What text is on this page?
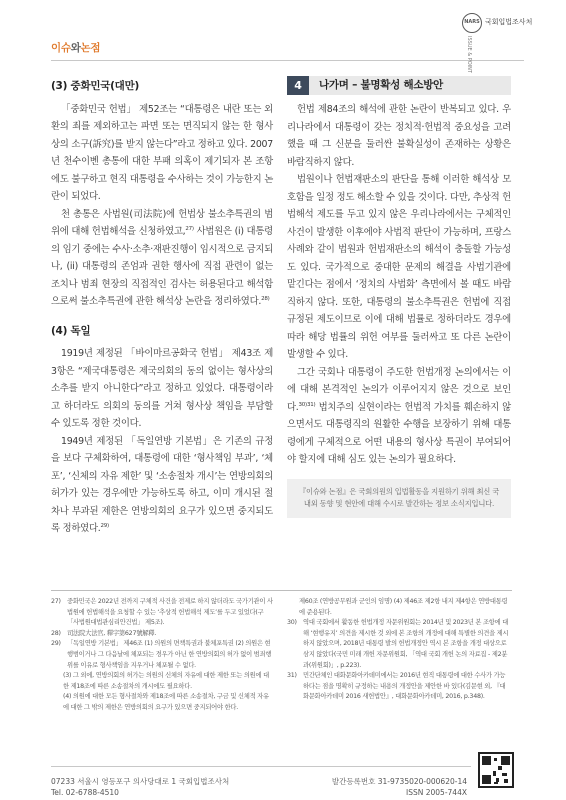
이슈와논점
NARS 국회입법조사처
ISSUE & POINT
(3) 중화민국(대만)

「중화민국 헌법」 제52조는 “대통령은 내란 또는 외환의 죄를 제외하고는 파면 또는 면직되지 않는 한 형사상의 소구(訴究)를 받지 않는다”라고 정하고 있다. 2007년 천수이볜 총통에 대한 부패 의혹이 제기되자 본 조항에도 불구하고 현직 대통령을 수사하는 것이 가능한지 논란이 되었다.

천 총통은 사법원(司法院)에 헌법상 불소추특권의 범위에 대해 헌법해석을 신청하였고,$^{27)}$ 사법원은 (i) 대통령의 임기 중에는 수사·소추·재판진행이 임시적으로 금지되나, (ii) 대통령의 존엄과 권한 행사에 직접 관련이 없는 조치나 범죄 현장의 직접적인 검사는 허용된다고 해석함으로써 불소추특권에 관한 해석상 논란을 정리하였다.$^{28)}$

(4) 독일

1919년 제정된 「바이마르공화국 헌법」 제43조 제3항은 “제국대통령은 제국의회의 동의 없이는 형사상의 소추를 받지 아니한다”라고 정하고 있었다. 대통령이라고 하더라도 의회의 동의를 거쳐 형사상 책임을 부담할 수 있도록 정한 것이다.

1949년 제정된 「독일연방 기본법」은 기존의 규정을 보다 구체화하여, 대통령에 대한 ‘형사책임 부과’, ‘체포’, ‘신체의 자유 제한’ 및 ‘소송절차 개시’는 연방의회의 허가가 있는 경우에만 가능하도록 하고, 이미 개시된 절차나 부과된 제한은 연방의회의 요구가 있으면 중지되도록 정하였다.$^{29)}$

4	나가며 – 불명확성 해소방안

헌법 제84조의 해석에 관한 논란이 반복되고 있다. 우리나라에서 대통령이 갖는 정치적·헌법적 중요성을 고려했을 때 그 신분을 둘러싼 불확실성이 존재하는 상황은 바람직하지 않다.

법원이나 헌법재판소의 판단을 통해 이러한 해석상 모호함을 일정 정도 해소할 수 있을 것이다. 다만, 추상적 헌법해석 제도를 두고 있지 않은 우리나라에서는 구체적인 사건이 발생한 이후에야 사법적 판단이 가능하며, 프랑스 사례와 같이 법원과 헌법재판소의 해석이 충돌할 가능성도 있다. 국가적으로 중대한 문제의 해결을 사법기관에 맡긴다는 점에서 ‘정치의 사법화’ 측면에서 볼 때도 바람직하지 않다. 또한, 대통령의 불소추특권은 헌법에 직접 규정된 제도이므로 이에 대해 법률로 정하더라도 경우에 따라 해당 법률의 위헌 여부를 둘러싸고 또 다른 논란이 발생할 수 있다.

그간 국회나 대통령이 주도한 헌법개정 논의에서는 이에 대해 본격적인 논의가 이루어지지 않은 것으로 보인다.$^{30)31)}$ 법치주의 실현이라는 헌법적 가치를 훼손하지 않으면서도 대통령직의 원활한 수행을 보장하기 위해 대통령에게 구체적으로 어떤 내용의 형사상 특권이 부여되어야 할지에 대해 심도 있는 논의가 필요하다.

『이슈와 논점』은 국회의원의 입법활동을 지원하기 위해 최신 국내외 동향 및 현안에 대해 수시로 발간하는 정보 소식지입니다.
27) 중화민국은 2022년 전까지 구체적 사건을 전제로 하지 않더라도 국가기관이 사법원에 헌법해석을 요청할 수 있는 ‘추상적 헌법해석 제도’를 두고 있었다(구 「사법원대법관심리안건법」 제5조).
28) 司法院大法官, 釋字第627號解釋.
29) 「독일연방 기본법」 제46조 (1) 의원의 면책특권과 불체포특권 (2) 의원은 현행범이거나 그 다음날에 체포되는 경우가 아닌 한 연방의회의 허가 없이 범죄행위를 이유로 형사책임을 지우거나 체포될 수 없다.
(3) 그 외에, 연방의회의 허가는 의원의 신체의 자유에 대한 제한 또는 의원에 대한 제18조에 따른 소송절차의 개시에도 필요하다.
(4) 의원에 대한 모든 형사절차와 제18조에 따른 소송절차, 구금 및 신체적 자유에 대한 그 밖의 제한은 연방의회의 요구가 있으면 중지되어야 한다.
제60조 (연방공무원과 군인의 임명) (4) 제46조 제2항 내지 제4항은 연방대통령에 준용된다.
30) 역대 국회에서 활동한 헌법개정 자문위원회는 2014년 및 2023년 본 조항에 대해 ‘현행유지’ 의견을 제시한 것 외에 본 조항의 개정에 대해 특별한 의견을 제시하지 않았으며, 2018년 대통령 발의 헌법개정안 역시 본 조항을 개정 대상으로 삼지 않았다(국민 미래 개헌 자문위원회, 「역대 국회 개헌 논의 자료집 - 제2분과(위원회)」, p.223).
31) 민간단체인 대화문화아카데미에서는 2016년 현직 대통령에 대한 수사가 가능하다는 점을 명확히 규정하는 내용의 개정안을 제안한 바 있다(김문현 외, 『대화문화아카데미 2016 새헌법안』, 대화문화아카데미, 2016, p.348).
07233 서울시 영등포구 의사당대로 1 국회입법조사처
Tel. 02-6788-4510
발간등록번호 31-9735020-000620-14
ISSN 2005-744X
